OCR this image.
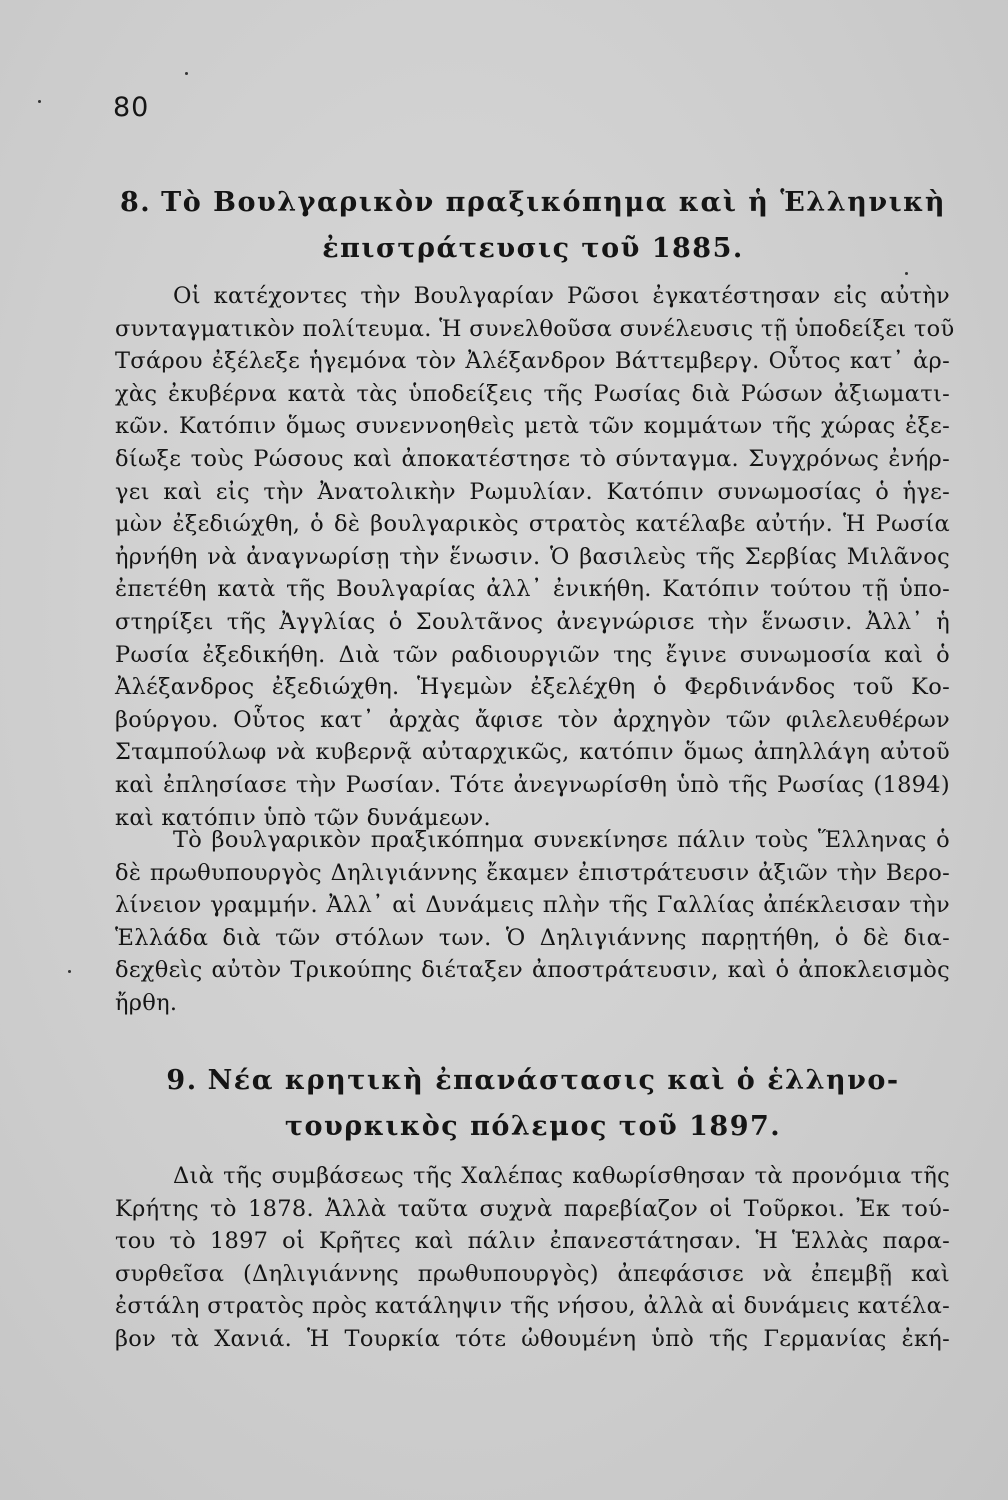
80
8. Τὸ Βουλγαρικὸν πραξικόπημα καὶ ἡ Ἑλληνικὴ
ἐπιστράτευσις τοῦ 1885.
Οἱ κατέχοντες τὴν Βουλγαρίαν Ρῶσοι ἐγκατέστησαν εἰς αὐτὴν
συνταγματικὸν πολίτευμα. Ἡ συνελθοῦσα συνέλευσις τῇ ὑποδείξει τοῦ
Τσάρου ἐξέλεξε ἡγεμόνα τὸν Ἀλέξανδρον Βάττεμβεργ. Οὗτος κατ᾽ ἀρ-
χὰς ἐκυβέρνα κατὰ τὰς ὑποδείξεις τῆς Ρωσίας διὰ Ρώσων ἀξιωματι-
κῶν. Κατόπιν ὅμως συνεννοηθεὶς μετὰ τῶν κομμάτων τῆς χώρας ἐξε-
δίωξε τοὺς Ρώσους καὶ ἀποκατέστησε τὸ σύνταγμα. Συγχρόνως ἐνήρ-
γει καὶ εἰς τὴν Ἀνατολικὴν Ρωμυλίαν. Κατόπιν συνωμοσίας ὁ ἡγε-
μὼν ἐξεδιώχθη, ὁ δὲ βουλγαρικὸς στρατὸς κατέλαβε αὐτήν. Ἡ Ρωσία
ἠρνήθη νὰ ἀναγνωρίσῃ τὴν ἕνωσιν. Ὁ βασιλεὺς τῆς Σερβίας Μιλᾶνος
ἐπετέθη κατὰ τῆς Βουλγαρίας ἀλλ᾽ ἐνικήθη. Κατόπιν τούτου τῇ ὑπο-
στηρίξει τῆς Ἀγγλίας ὁ Σουλτᾶνος ἀνεγνώρισε τὴν ἕνωσιν. Ἀλλ᾽ ἡ
Ρωσία ἐξεδικήθη. Διὰ τῶν ραδιουργιῶν της ἔγινε συνωμοσία καὶ ὁ
Ἀλέξανδρος ἐξεδιώχθη. Ἡγεμὼν ἐξελέχθη ὁ Φερδινάνδος τοῦ Κο-
βούργου. Οὗτος κατ᾽ ἀρχὰς ἄφισε τὸν ἀρχηγὸν τῶν φιλελευθέρων
Σταμπούλωφ νὰ κυβερνᾷ αὐταρχικῶς, κατόπιν ὅμως ἀπηλλάγη αὐτοῦ
καὶ ἐπλησίασε τὴν Ρωσίαν. Τότε ἀνεγνωρίσθη ὑπὸ τῆς Ρωσίας (1894)
καὶ κατόπιν ὑπὸ τῶν δυνάμεων.
Τὸ βουλγαρικὸν πραξικόπημα συνεκίνησε πάλιν τοὺς Ἕλληνας ὁ
δὲ πρωθυπουργὸς Δηλιγιάννης ἔκαμεν ἐπιστράτευσιν ἀξιῶν τὴν Βερο-
λίνειον γραμμήν. Ἀλλ᾽ αἱ Δυνάμεις πλὴν τῆς Γαλλίας ἀπέκλεισαν τὴν
Ἑλλάδα διὰ τῶν στόλων των. Ὁ Δηλιγιάννης παρῃτήθη, ὁ δὲ δια-
δεχθεὶς αὐτὸν Τρικούπης διέταξεν ἀποστράτευσιν, καὶ ὁ ἀποκλεισμὸς
ἤρθη.
9. Νέα κρητικὴ ἐπανάστασις καὶ ὁ ἑλληνο-
τουρκικὸς πόλεμος τοῦ 1897.
Διὰ τῆς συμβάσεως τῆς Χαλέπας καθωρίσθησαν τὰ προνόμια τῆς
Κρήτης τὸ 1878. Ἀλλὰ ταῦτα συχνὰ παρεβίαζον οἱ Τοῦρκοι. Ἐκ τού-
του τὸ 1897 οἱ Κρῆτες καὶ πάλιν ἐπανεστάτησαν. Ἡ Ἑλλὰς παρα-
συρθεῖσα (Δηλιγιάννης πρωθυπουργὸς) ἀπεφάσισε νὰ ἐπεμβῇ καὶ
ἐστάλη στρατὸς πρὸς κατάληψιν τῆς νήσου, ἀλλὰ αἱ δυνάμεις κατέλα-
βον τὰ Χανιά. Ἡ Τουρκία τότε ὠθουμένη ὑπὸ τῆς Γερμανίας ἐκή-
